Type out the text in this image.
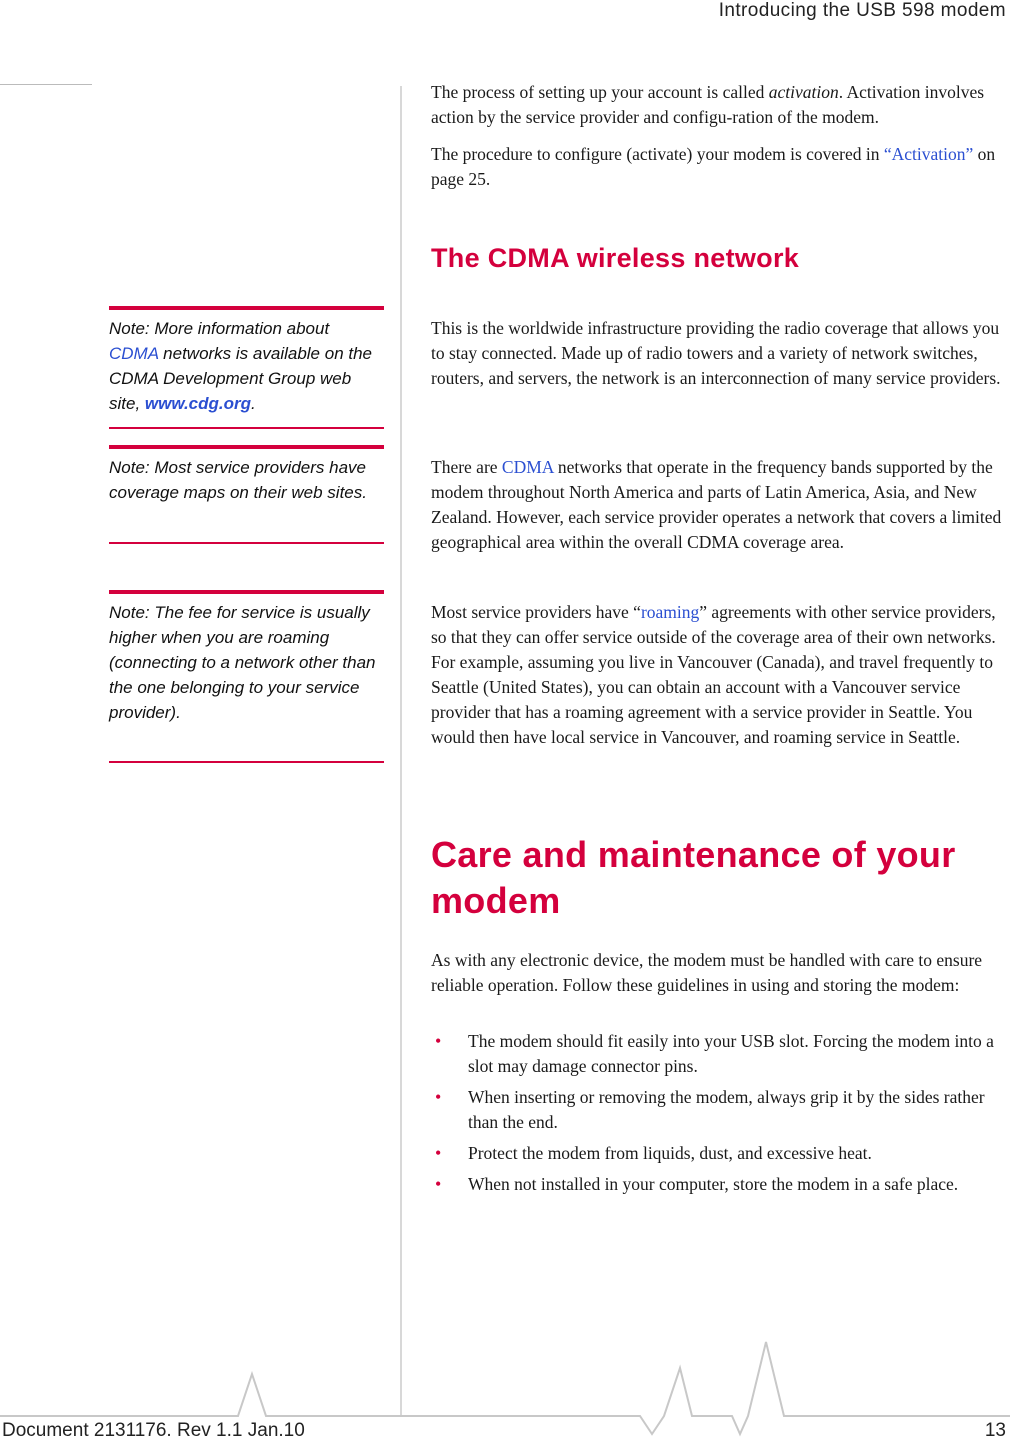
Introducing the USB 598 modem

The process of setting up your account is called activation. Activation involves action by the service provider and configu-ration of the modem.

The procedure to configure (activate) your modem is covered in “Activation” on page 25.

The CDMA wireless network
This is the worldwide infrastructure providing the radio coverage that allows you to stay connected. Made up of radio towers and a variety of network switches, routers, and servers, the network is an interconnection of many service providers.

There are CDMA networks that operate in the frequency bands supported by the modem throughout North America and parts of Latin America, Asia, and New Zealand. However, each service provider operates a network that covers a limited geographical area within the overall CDMA coverage area.

Most service providers have “roaming” agreements with other service providers, so that they can offer service outside of the coverage area of their own networks. For example, assuming you live in Vancouver (Canada), and travel frequently to Seattle (United States), you can obtain an account with a Vancouver service provider that has a roaming agreement with a service provider in Seattle. You would then have local service in Vancouver, and roaming service in Seattle.

Care and maintenance of your modem
As with any electronic device, the modem must be handled with care to ensure reliable operation. Follow these guidelines in using and storing the modem:
• The modem should fit easily into your USB slot. Forcing the modem into a slot may damage connector pins.
• When inserting or removing the modem, always grip it by the sides rather than the end.
• Protect the modem from liquids, dust, and excessive heat.
• When not installed in your computer, store the modem in a safe place.
Note: More information about CDMA networks is available on the CDMA Development Group web site, www.cdg.org.
Note: Most service providers have coverage maps on their web sites.
Note: The fee for service is usually higher when you are roaming (connecting to a network other than the one belonging to your service provider).
Document 2131176. Rev 1.1 Jan.10	13
